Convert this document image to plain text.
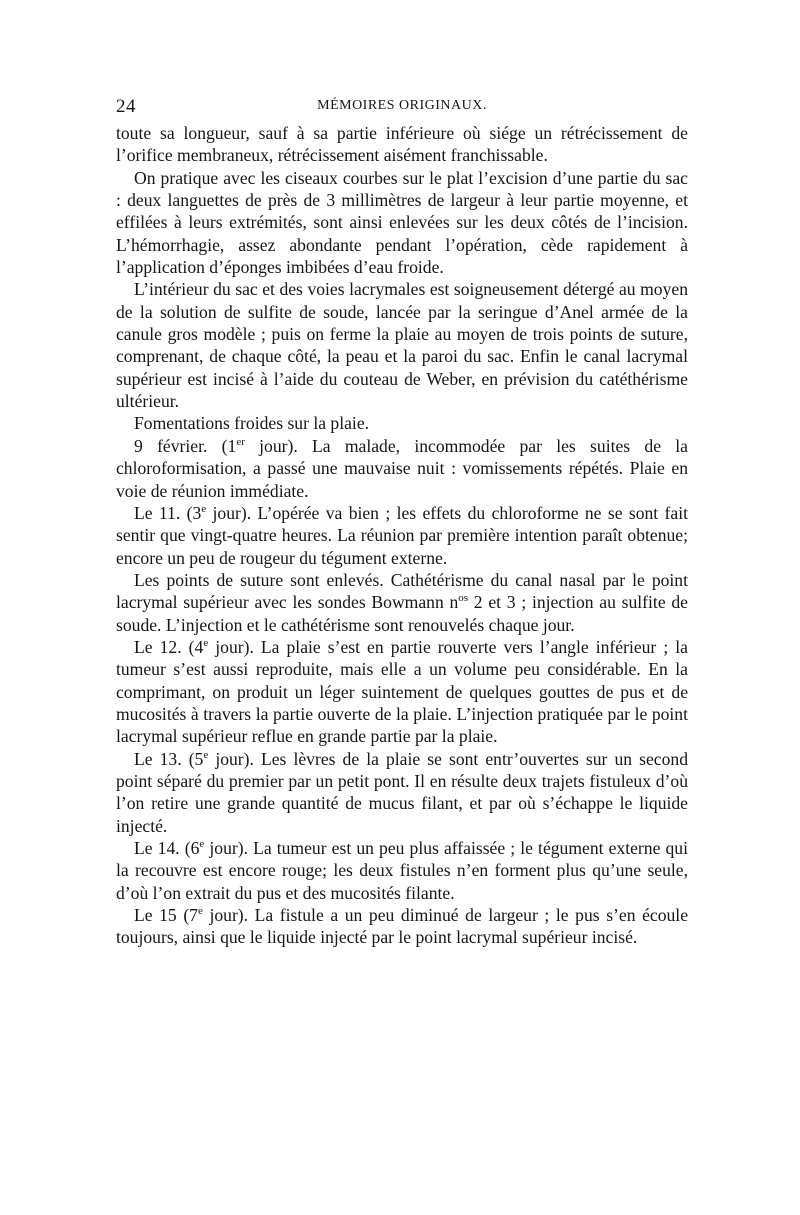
24	MÉMOIRES ORIGINAUX.

toute sa longueur, sauf à sa partie inférieure où siége un rétrécissement de l’orifice membraneux, rétrécissement aisément franchissable.

On pratique avec les ciseaux courbes sur le plat l’excision d’une partie du sac : deux languettes de près de 3 millimètres de largeur à leur partie moyenne, et effilées à leurs extrémités, sont ainsi enlevées sur les deux côtés de l’incision. L’hémorrhagie, assez abondante pendant l’opération, cède rapidement à l’application d’éponges imbibées d’eau froide.

L’intérieur du sac et des voies lacrymales est soigneusement détergé au moyen de la solution de sulfite de soude, lancée par la seringue d’Anel armée de la canule gros modèle ; puis on ferme la plaie au moyen de trois points de suture, comprenant, de chaque côté, la peau et la paroi du sac. Enfin le canal lacrymal supérieur est incisé à l’aide du couteau de Weber, en prévision du catéthérisme ultérieur.

Fomentations froides sur la plaie.

9 février. (1er jour). La malade, incommodée par les suites de la chloroformisation, a passé une mauvaise nuit : vomissements répétés. Plaie en voie de réunion immédiate.

Le 11. (3e jour). L’opérée va bien ; les effets du chloroforme ne se sont fait sentir que vingt-quatre heures. La réunion par première intention paraît obtenue; encore un peu de rougeur du tégument externe.

Les points de suture sont enlevés. Cathétérisme du canal nasal par le point lacrymal supérieur avec les sondes Bowmann $n^{os}$ 2 et 3 ; injection au sulfite de soude. L’injection et le cathétérisme sont renouvelés chaque jour.

Le 12. (4e jour). La plaie s’est en partie rouverte vers l’angle inférieur ; la tumeur s’est aussi reproduite, mais elle a un volume peu considérable. En la comprimant, on produit un léger suintement de quelques gouttes de pus et de mucosités à travers la partie ouverte de la plaie. L’injection pratiquée par le point lacrymal supérieur reflue en grande partie par la plaie.

Le 13. (5e jour). Les lèvres de la plaie se sont entr’ouvertes sur un second point séparé du premier par un petit pont. Il en résulte deux trajets fistuleux d’où l’on retire une grande quantité de mucus filant, et par où s’échappe le liquide injecté.

Le 14. (6e jour). La tumeur est un peu plus affaissée ; le tégument externe qui la recouvre est encore rouge; les deux fistules n’en forment plus qu’une seule, d’où l’on extrait du pus et des mucosités filante.

Le 15 (7e jour). La fistule a un peu diminué de largeur ; le pus s’en écoule toujours, ainsi que le liquide injecté par le point lacrymal supérieur incisé.
